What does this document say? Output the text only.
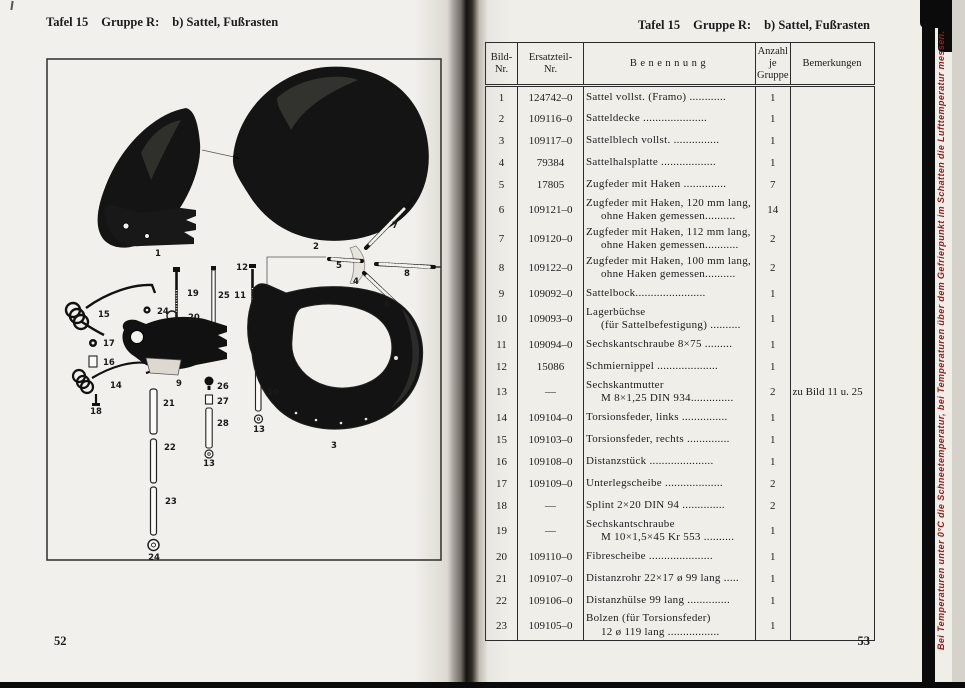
Tafel 15 Gruppe R: b) Sattel, Fußrasten
1
2
7
5
8
4
6
12
11
19 25
24
20
15
17
16
14
18
9	26
27
28
13
21
22
23
24
10
13
3
52
Tafel 15 Gruppe R: b) Sattel, Fußrasten
Bild-
Nr.

Ersatzteil-
Nr.
	Benennung	
Anzahl
je
Gruppe
	Bemerkungen
1	124742–0	Sattel vollst. (Framo) ............	1	
2	109116–0	Satteldecke .....................	1	
3	109117–0	Sattelblech vollst. ...............	1	
4	79384	Sattelhalsplatte ..................	1	
5	17805	Zugfeder mit Haken ..............	7	
6	109121–0	Zugfeder mit Haken, 120 mm lang,
ohne Haken gemessen..........	14	
7	109120–0	Zugfeder mit Haken, 112 mm lang,
ohne Haken gemessen...........	2	
8	109122–0	Zugfeder mit Haken, 100 mm lang,
ohne Haken gemessen..........	2	
9	109092–0	Sattelbock.......................	1	
10	109093–0	Lagerbüchse
(für Sattelbefestigung) ..........	1	
11	109094–0	Sechskantschraube 8×75 .........	1	
12	15086	Schmiernippel ....................	1	
13	—	Sechskantmutter
M 8×1,25 DIN 934..............	2	zu Bild 11 u. 25
14	109104–0	Torsionsfeder, links ...............	1	
15	109103–0	Torsionsfeder, rechts ..............	1	
16	109108–0	Distanzstück .....................	1	
17	109109–0	Unterlegscheibe ...................	2	
18	—	Splint 2×20 DIN 94 ..............	2	
19	—	Sechskantschraube
M 10×1,5×45 Kr 553 ..........	1	
20	109110–0	Fibrescheibe .....................	1	
21	109107–0	Distanzrohr 22×17 ø 99 lang .....	1	
22	109106–0	Distanzhülse 99 lang ..............	1	
23	109105–0	Bolzen (für Torsionsfeder)
12 ø 119 lang .................	1	
53	Bei Temperaturen unter 0°C die Schneetemperatur, bei Temperaturen über dem Gefrierpunkt im Schatten die Lufttemperatur messen.
